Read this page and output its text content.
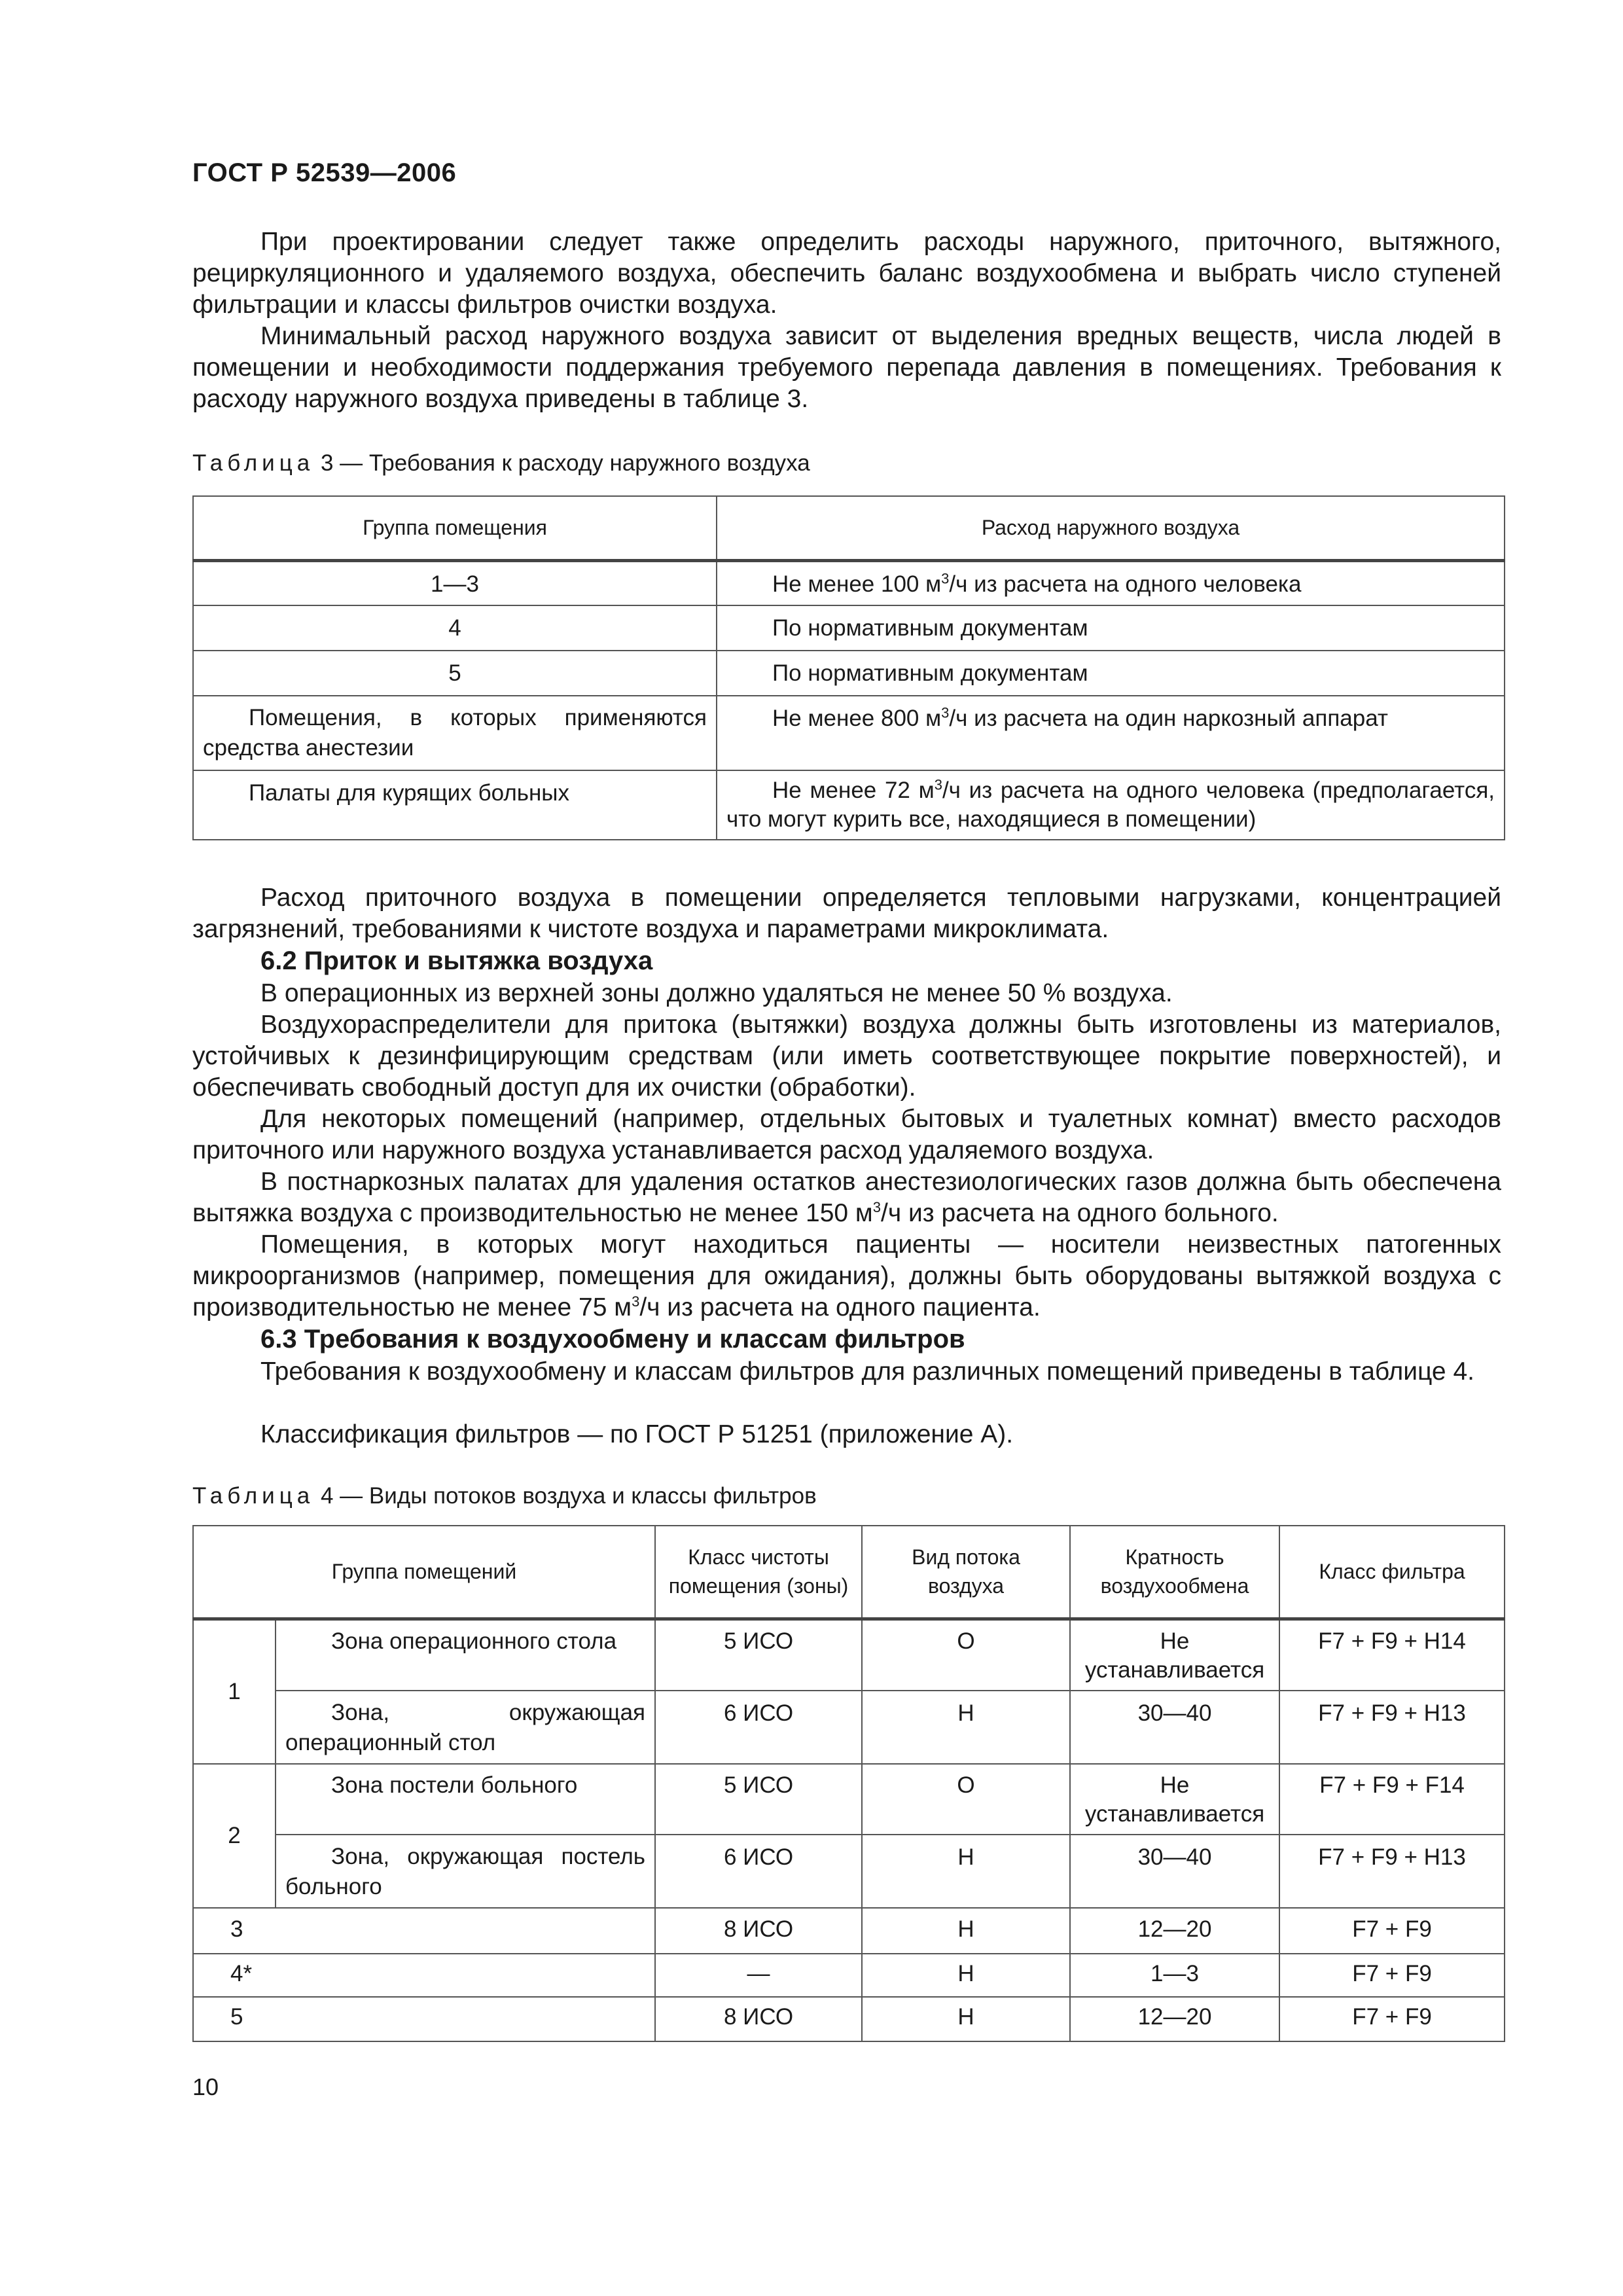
ГОСТ Р 52539—2006
При проектировании следует также определить расходы наружного, приточного, вытяжного, рециркуляционного и удаляемого воздуха, обеспечить баланс воздухообмена и выбрать число ступеней фильтрации и классы фильтров очистки воздуха.
Минимальный расход наружного воздуха зависит от выделения вредных веществ, числа людей в помещении и необходимости поддержания требуемого перепада давления в помещениях. Требования к расходу наружного воздуха приведены в таблице 3.
Таблица 3 — Требования к расходу наружного воздуха
Группа помещения	Расход наружного воздуха
1—3	Не менее 100 $м^3/ч$ из расчета на одного человека
4	По нормативным документам
5	По нормативным документам
Помещения, в которых применяются средства анестезии	Не менее 800 $м^3/ч$ из расчета на один наркозный аппарат
Палаты для курящих больных	Не менее 72 $м^3/ч$ из расчета на одного человека (предполагается, что могут курить все, находящиеся в помещении)
Расход приточного воздуха в помещении определяется тепловыми нагрузками, концентрацией загрязнений, требованиями к чистоте воздуха и параметрами микроклимата.
6.2 Приток и вытяжка воздуха
В операционных из верхней зоны должно удаляться не менее 50 % воздуха.
Воздухораспределители для притока (вытяжки) воздуха должны быть изготовлены из материалов, устойчивых к дезинфицирующим средствам (или иметь соответствующее покрытие поверхностей), и обеспечивать свободный доступ для их очистки (обработки).
Для некоторых помещений (например, отдельных бытовых и туалетных комнат) вместо расходов приточного или наружного воздуха устанавливается расход удаляемого воздуха.
В постнаркозных палатах для удаления остатков анестезиологических газов должна быть обеспечена вытяжка воздуха с производительностью не менее 150 $м^3/ч$ из расчета на одного больного.
Помещения, в которых могут находиться пациенты — носители неизвестных патогенных микроорганизмов (например, помещения для ожидания), должны быть оборудованы вытяжкой воздуха с производительностью не менее 75 $м^3/ч$ из расчета на одного пациента.
6.3 Требования к воздухообмену и классам фильтров
Требования к воздухообмену и классам фильтров для различных помещений приведены в таблице 4.
Классификация фильтров — по ГОСТ Р 51251 (приложение А).
Таблица 4 — Виды потоков воздуха и классы фильтров
Группа помещений		Класс чистоты помещения (зоны)	Вид потока воздуха	Кратность воздухообмена	Класс фильтра
1	Зона операционного стола	5 ИСО	О	Не устанавливается	F7 + F9 + H14
	Зона, окружающая операционный стол	6 ИСО	Н	30—40	F7 + F9 + H13
2	Зона постели больного	5 ИСО	О	Не устанавливается	F7 + F9 + F14
	Зона, окружающая постель больного	6 ИСО	Н	30—40	F7 + F9 + H13
3		8 ИСО	Н	12—20	F7 + F9
4*		—	Н	1—3	F7 + F9
5		8 ИСО	Н	12—20	F7 + F9
10
